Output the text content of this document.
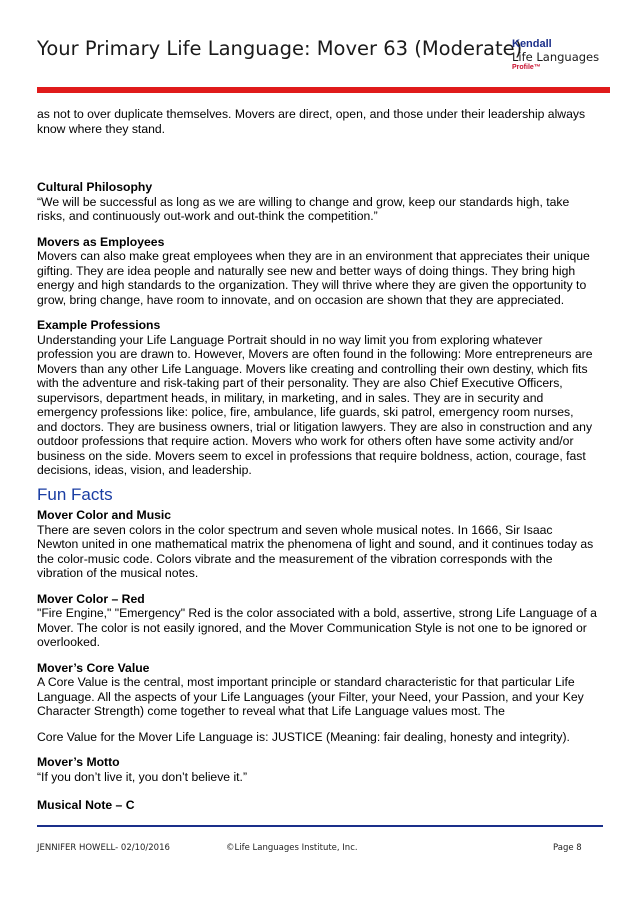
Your Primary Life Language: Mover 63 (Moderate)
Kendall
Life Languages
Profile™

as not to over duplicate themselves. Movers are direct, open, and those under their leadership always know where they stand.

Cultural Philosophy

“We will be successful as long as we are willing to change and grow, keep our standards high, take risks, and continuously out-work and out-think the competition.”

Movers as Employees

Movers can also make great employees when they are in an environment that appreciates their unique gifting. They are idea people and naturally see new and better ways of doing things. They bring high energy and high standards to the organization. They will thrive where they are given the opportunity to grow, bring change, have room to innovate, and on occasion are shown that they are appreciated.

Example Professions

Understanding your Life Language Portrait should in no way limit you from exploring whatever profession you are drawn to. However, Movers are often found in the following: More entrepreneurs are Movers than any other Life Language. Movers like creating and controlling their own destiny, which fits with the adventure and risk-taking part of their personality. They are also Chief Executive Officers, supervisors, department heads, in military, in marketing, and in sales. They are in security and emergency professions like: police, fire, ambulance, life guards, ski patrol, emergency room nurses, and doctors. They are business owners, trial or litigation lawyers. They are also in construction and any outdoor professions that require action. Movers who work for others often have some activity and/or business on the side. Movers seem to excel in professions that require boldness, action, courage, fast decisions, ideas, vision, and leadership.

Fun Facts

Mover Color and Music

There are seven colors in the color spectrum and seven whole musical notes. In 1666, Sir Isaac Newton united in one mathematical matrix the phenomena of light and sound, and it continues today as the color-music code. Colors vibrate and the measurement of the vibration corresponds with the vibration of the musical notes.

Mover Color – Red

"Fire Engine," "Emergency" Red is the color associated with a bold, assertive, strong Life Language of a Mover. The color is not easily ignored, and the Mover Communication Style is not one to be ignored or overlooked.

Mover’s Core Value

A Core Value is the central, most important principle or standard characteristic for that particular Life Language. All the aspects of your Life Languages (your Filter, your Need, your Passion, and your Key Character Strength) come together to reveal what that Life Language values most. The

Core Value for the Mover Life Language is: JUSTICE (Meaning: fair dealing, honesty and integrity).

Mover’s Motto

“If you don’t live it, you don’t believe it.”

Musical Note – C

JENNIFER HOWELL- 02/10/2016	©Life Languages Institute, Inc.	Page 8
